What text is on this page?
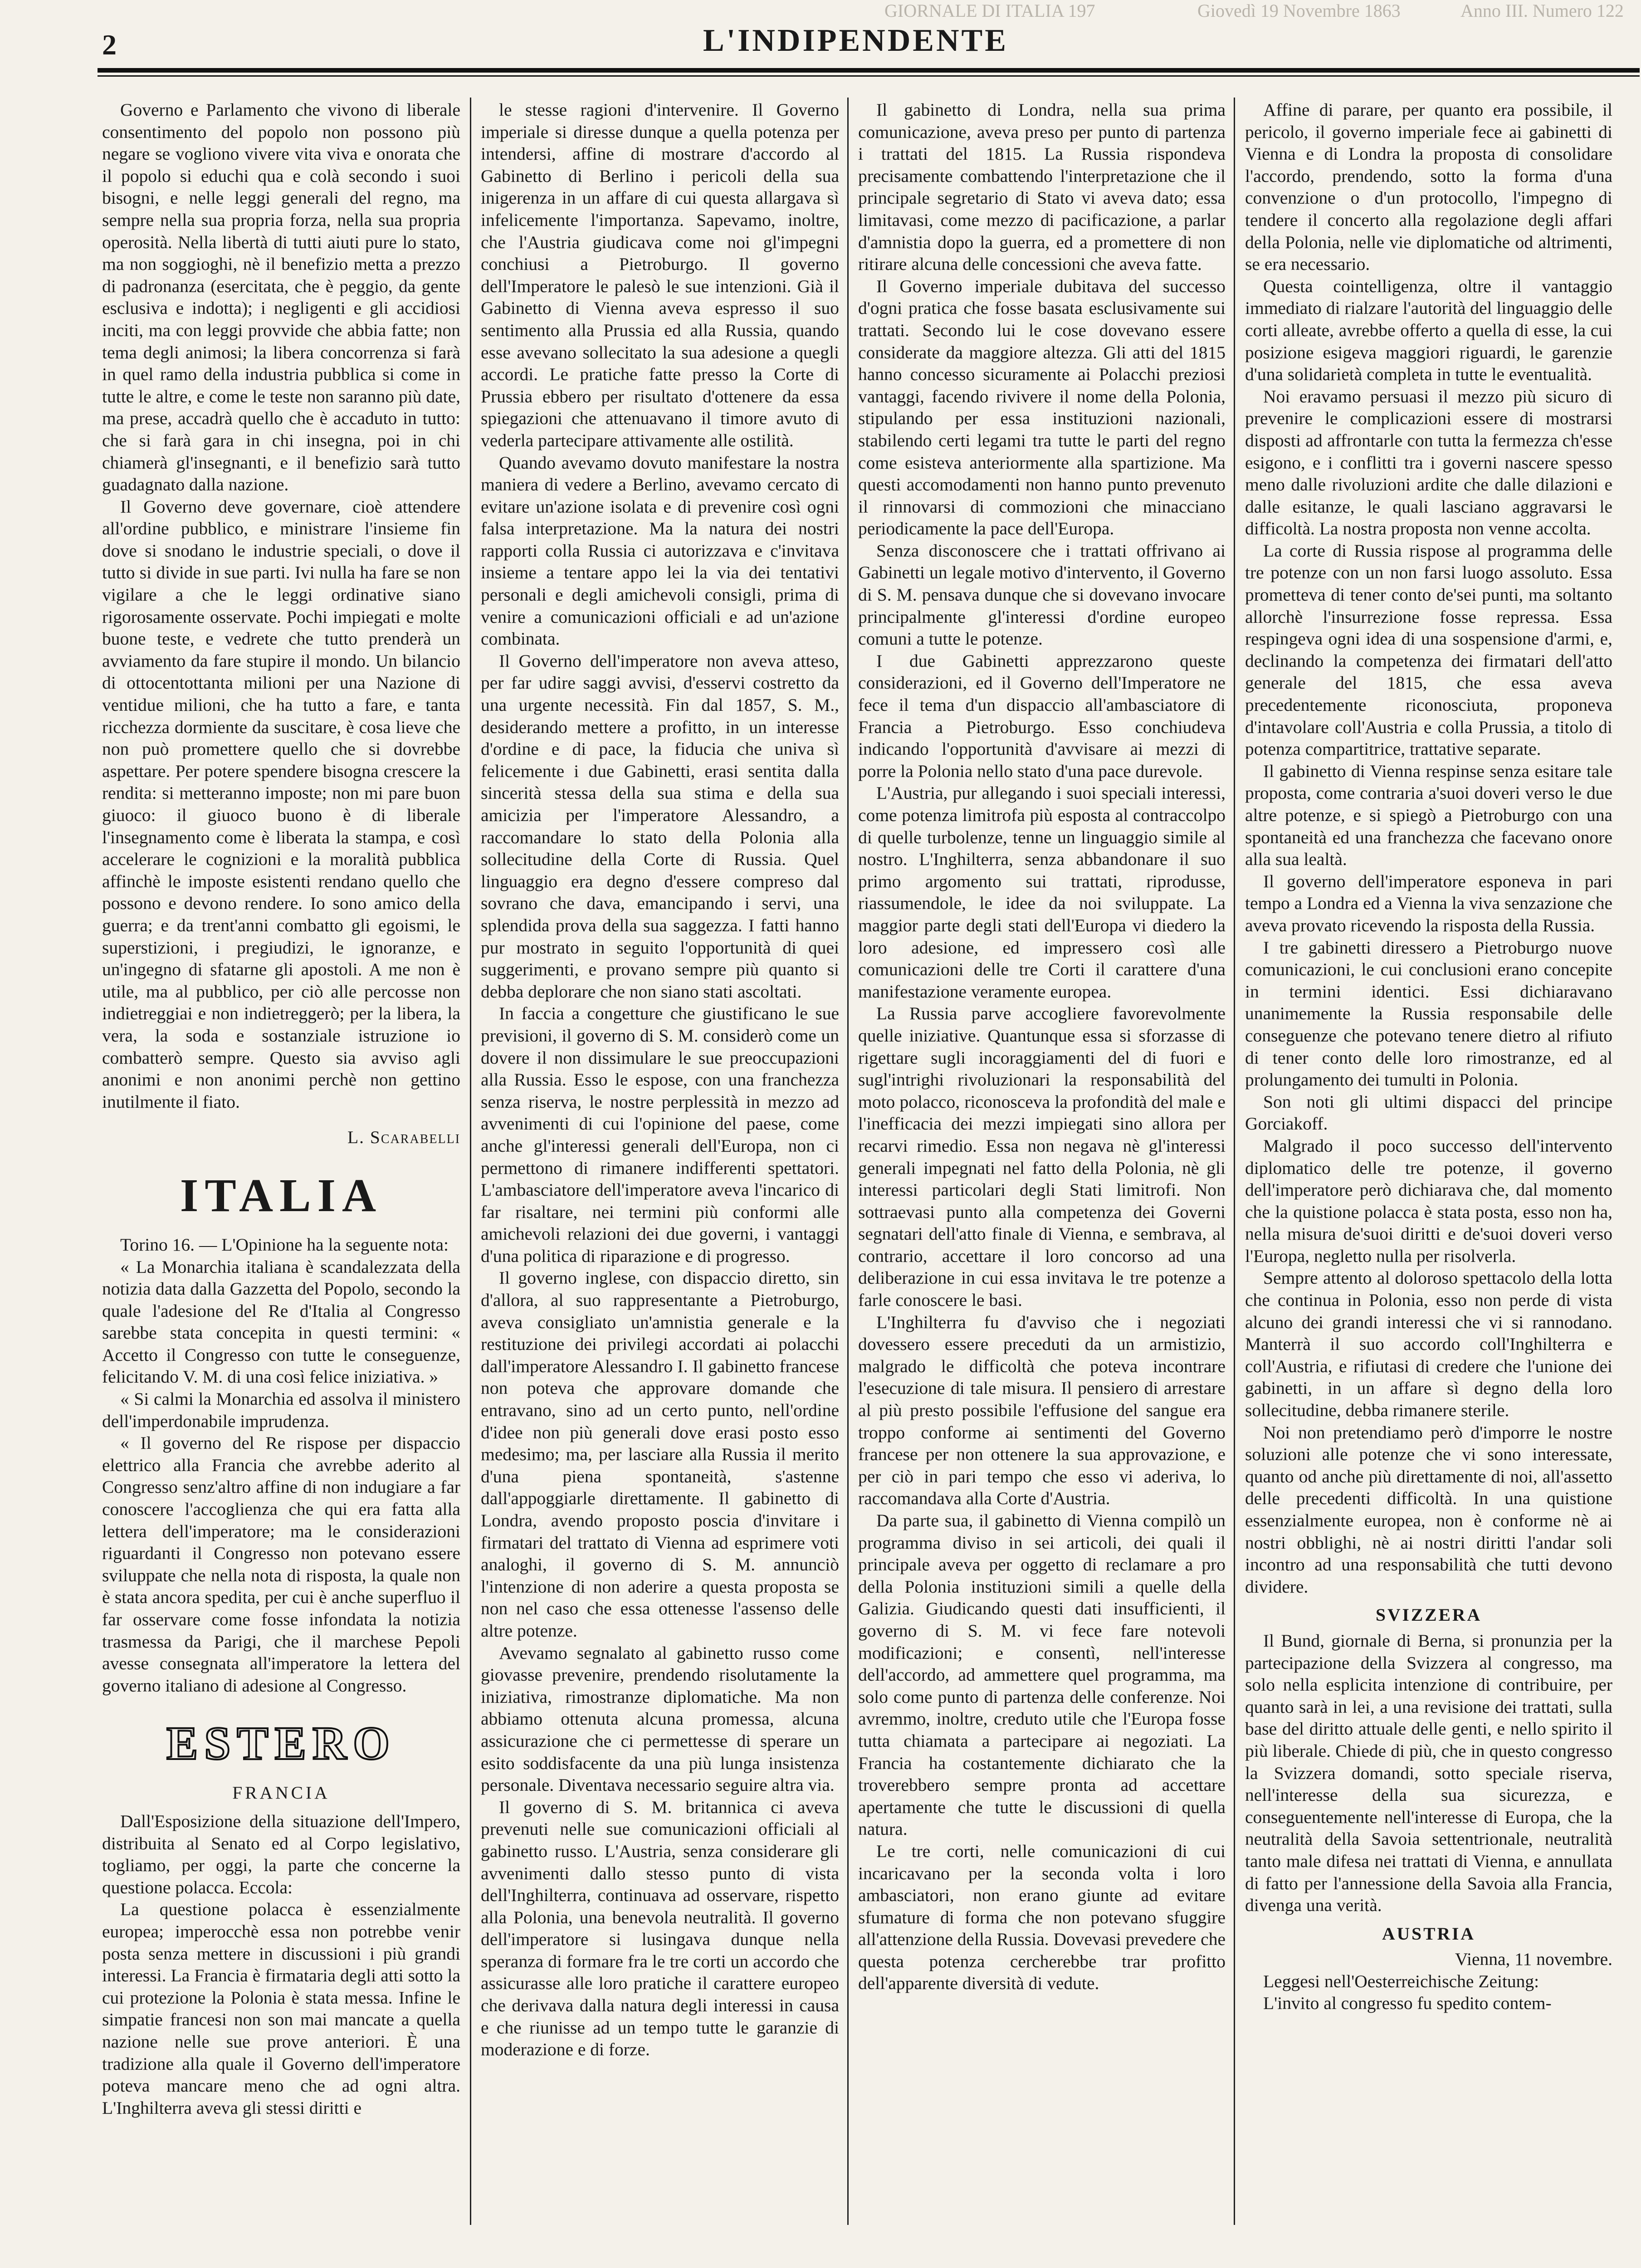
GIORNALE DI ITALIA 197	Giovedì 19 Novembre 1863	Anno III. Numero 122
2	L'INDIPENDENTE

Governo e Parlamento che vivono di liberale consentimento del popolo non possono più negare se vogliono vivere vita viva e onorata che il popolo si educhi qua e colà secondo i suoi bisogni, e nelle leggi generali del regno, ma sempre nella sua propria forza, nella sua propria operosità. Nella libertà di tutti aiuti pure lo stato, ma non soggioghi, nè il benefizio metta a prezzo di padronanza (esercitata, che è peggio, da gente esclusiva e indotta); i negligenti e gli accidiosi inciti, ma con leggi provvide che abbia fatte; non tema degli animosi; la libera concorrenza si farà in quel ramo della industria pubblica si come in tutte le altre, e come le teste non saranno più date, ma prese, accadrà quello che è accaduto in tutto: che si farà gara in chi insegna, poi in chi chiamerà gl'insegnanti, e il benefizio sarà tutto guadagnato dalla nazione.

Il Governo deve governare, cioè attendere all'ordine pubblico, e ministrare l'insieme fin dove si snodano le industrie speciali, o dove il tutto si divide in sue parti. Ivi nulla ha fare se non vigilare a che le leggi ordinative siano rigorosamente osservate. Pochi impiegati e molte buone teste, e vedrete che tutto prenderà un avviamento da fare stupire il mondo. Un bilancio di ottocentottanta milioni per una Nazione di ventidue milioni, che ha tutto a fare, e tanta ricchezza dormiente da suscitare, è cosa lieve che non può promettere quello che si dovrebbe aspettare. Per potere spendere bisogna crescere la rendita: si metteranno imposte; non mi pare buon giuoco: il giuoco buono è di liberale l'insegnamento come è liberata la stampa, e così accelerare le cognizioni e la moralità pubblica affinchè le imposte esistenti rendano quello che possono e devono rendere. Io sono amico della guerra; e da trent'anni combatto gli egoismi, le superstizioni, i pregiudizi, le ignoranze, e un'ingegno di sfatarne gli apostoli. A me non è utile, ma al pubblico, per ciò alle percosse non indietreggiai e non indietreggerò; per la libera, la vera, la soda e sostanziale istruzione io combatterò sempre. Questo sia avviso agli anonimi e non anonimi perchè non gettino inutilmente il fiato.

L. Scarabelli
ITALIA

Torino 16. — L'Opinione ha la seguente nota:

« La Monarchia italiana è scandalezzata della notizia data dalla Gazzetta del Popolo, secondo la quale l'adesione del Re d'Italia al Congresso sarebbe stata concepita in questi termini: « Accetto il Congresso con tutte le conseguenze, felicitando V. M. di una così felice iniziativa. »

« Si calmi la Monarchia ed assolva il ministero dell'imperdonabile imprudenza.

« Il governo del Re rispose per dispaccio elettrico alla Francia che avrebbe aderito al Congresso senz'altro affine di non indugiare a far conoscere l'accoglienza che qui era fatta alla lettera dell'imperatore; ma le considerazioni riguardanti il Congresso non potevano essere sviluppate che nella nota di risposta, la quale non è stata ancora spedita, per cui è anche superfluo il far osservare come fosse infondata la notizia trasmessa da Parigi, che il marchese Pepoli avesse consegnata all'imperatore la lettera del governo italiano di adesione al Congresso.

ESTERO
FRANCIA

Dall'Esposizione della situazione dell'Impero, distribuita al Senato ed al Corpo legislativo, togliamo, per oggi, la parte che concerne la questione polacca. Eccola:

La questione polacca è essenzialmente europea; imperocchè essa non potrebbe venir posta senza mettere in discussioni i più grandi interessi. La Francia è firmataria degli atti sotto la cui protezione la Polonia è stata messa. Infine le simpatie francesi non son mai mancate a quella nazione nelle sue prove anteriori. È una tradizione alla quale il Governo dell'imperatore poteva mancare meno che ad ogni altra. L'Inghilterra aveva gli stessi diritti e

le stesse ragioni d'intervenire. Il Governo imperiale si diresse dunque a quella potenza per intendersi, affine di mostrare d'accordo al Gabinetto di Berlino i pericoli della sua inigerenza in un affare di cui questa allargava sì infelicemente l'importanza. Sapevamo, inoltre, che l'Austria giudicava come noi gl'impegni conchiusi a Pietroburgo. Il governo dell'Imperatore le palesò le sue intenzioni. Già il Gabinetto di Vienna aveva espresso il suo sentimento alla Prussia ed alla Russia, quando esse avevano sollecitato la sua adesione a quegli accordi. Le pratiche fatte presso la Corte di Prussia ebbero per risultato d'ottenere da essa spiegazioni che attenuavano il timore avuto di vederla partecipare attivamente alle ostilità.

Quando avevamo dovuto manifestare la nostra maniera di vedere a Berlino, avevamo cercato di evitare un'azione isolata e di prevenire così ogni falsa interpretazione. Ma la natura dei nostri rapporti colla Russia ci autorizzava e c'invitava insieme a tentare appo lei la via dei tentativi personali e degli amichevoli consigli, prima di venire a comunicazioni officiali e ad un'azione combinata.

Il Governo dell'imperatore non aveva atteso, per far udire saggi avvisi, d'esservi costretto da una urgente necessità. Fin dal 1857, S. M., desiderando mettere a profitto, in un interesse d'ordine e di pace, la fiducia che univa sì felicemente i due Gabinetti, erasi sentita dalla sincerità stessa della sua stima e della sua amicizia per l'imperatore Alessandro, a raccomandare lo stato della Polonia alla sollecitudine della Corte di Russia. Quel linguaggio era degno d'essere compreso dal sovrano che dava, emancipando i servi, una splendida prova della sua saggezza. I fatti hanno pur mostrato in seguito l'opportunità di quei suggerimenti, e provano sempre più quanto si debba deplorare che non siano stati ascoltati.

In faccia a congetture che giustificano le sue previsioni, il governo di S. M. considerò come un dovere il non dissimulare le sue preoccupazioni alla Russia. Esso le espose, con una franchezza senza riserva, le nostre perplessità in mezzo ad avvenimenti di cui l'opinione del paese, come anche gl'interessi generali dell'Europa, non ci permettono di rimanere indifferenti spettatori. L'ambasciatore dell'imperatore aveva l'incarico di far risaltare, nei termini più conformi alle amichevoli relazioni dei due governi, i vantaggi d'una politica di riparazione e di progresso.

Il governo inglese, con dispaccio diretto, sin d'allora, al suo rappresentante a Pietroburgo, aveva consigliato un'amnistia generale e la restituzione dei privilegi accordati ai polacchi dall'imperatore Alessandro I. Il gabinetto francese non poteva che approvare domande che entravano, sino ad un certo punto, nell'ordine d'idee non più generali dove erasi posto esso medesimo; ma, per lasciare alla Russia il merito d'una piena spontaneità, s'astenne dall'appoggiarle direttamente. Il gabinetto di Londra, avendo proposto poscia d'invitare i firmatari del trattato di Vienna ad esprimere voti analoghi, il governo di S. M. annunciò l'intenzione di non aderire a questa proposta se non nel caso che essa ottenesse l'assenso delle altre potenze.

Avevamo segnalato al gabinetto russo come giovasse prevenire, prendendo risolutamente la iniziativa, rimostranze diplomatiche. Ma non abbiamo ottenuta alcuna promessa, alcuna assicurazione che ci permettesse di sperare un esito soddisfacente da una più lunga insistenza personale. Diventava necessario seguire altra via.

Il governo di S. M. britannica ci aveva prevenuti nelle sue comunicazioni officiali al gabinetto russo. L'Austria, senza considerare gli avvenimenti dallo stesso punto di vista dell'Inghilterra, continuava ad osservare, rispetto alla Polonia, una benevola neutralità. Il governo dell'imperatore si lusingava dunque nella speranza di formare fra le tre corti un accordo che assicurasse alle loro pratiche il carattere europeo che derivava dalla natura degli interessi in causa e che riunisse ad un tempo tutte le garanzie di moderazione e di forze.

Il gabinetto di Londra, nella sua prima comunicazione, aveva preso per punto di partenza i trattati del 1815. La Russia rispondeva precisamente combattendo l'interpretazione che il principale segretario di Stato vi aveva dato; essa limitavasi, come mezzo di pacificazione, a parlar d'amnistia dopo la guerra, ed a promettere di non ritirare alcuna delle concessioni che aveva fatte.

Il Governo imperiale dubitava del successo d'ogni pratica che fosse basata esclusivamente sui trattati. Secondo lui le cose dovevano essere considerate da maggiore altezza. Gli atti del 1815 hanno concesso sicuramente ai Polacchi preziosi vantaggi, facendo rivivere il nome della Polonia, stipulando per essa instituzioni nazionali, stabilendo certi legami tra tutte le parti del regno come esisteva anteriormente alla spartizione. Ma questi accomodamenti non hanno punto prevenuto il rinnovarsi di commozioni che minacciano periodicamente la pace dell'Europa.

Senza disconoscere che i trattati offrivano ai Gabinetti un legale motivo d'intervento, il Governo di S. M. pensava dunque che si dovevano invocare principalmente gl'interessi d'ordine europeo comuni a tutte le potenze.

I due Gabinetti apprezzarono queste considerazioni, ed il Governo dell'Imperatore ne fece il tema d'un dispaccio all'ambasciatore di Francia a Pietroburgo. Esso conchiudeva indicando l'opportunità d'avvisare ai mezzi di porre la Polonia nello stato d'una pace durevole.

L'Austria, pur allegando i suoi speciali interessi, come potenza limitrofa più esposta al contraccolpo di quelle turbolenze, tenne un linguaggio simile al nostro. L'Inghilterra, senza abbandonare il suo primo argomento sui trattati, riprodusse, riassumendole, le idee da noi sviluppate. La maggior parte degli stati dell'Europa vi diedero la loro adesione, ed impressero così alle comunicazioni delle tre Corti il carattere d'una manifestazione veramente europea.

La Russia parve accogliere favorevolmente quelle iniziative. Quantunque essa si sforzasse di rigettare sugli incoraggiamenti del di fuori e sugl'intrighi rivoluzionari la responsabilità del moto polacco, riconosceva la profondità del male e l'inefficacia dei mezzi impiegati sino allora per recarvi rimedio. Essa non negava nè gl'interessi generali impegnati nel fatto della Polonia, nè gli interessi particolari degli Stati limitrofi. Non sottraevasi punto alla competenza dei Governi segnatari dell'atto finale di Vienna, e sembrava, al contrario, accettare il loro concorso ad una deliberazione in cui essa invitava le tre potenze a farle conoscere le basi.

L'Inghilterra fu d'avviso che i negoziati dovessero essere preceduti da un armistizio, malgrado le difficoltà che poteva incontrare l'esecuzione di tale misura. Il pensiero di arrestare al più presto possibile l'effusione del sangue era troppo conforme ai sentimenti del Governo francese per non ottenere la sua approvazione, e per ciò in pari tempo che esso vi aderiva, lo raccomandava alla Corte d'Austria.

Da parte sua, il gabinetto di Vienna compilò un programma diviso in sei articoli, dei quali il principale aveva per oggetto di reclamare a pro della Polonia instituzioni simili a quelle della Galizia. Giudicando questi dati insufficienti, il governo di S. M. vi fece fare notevoli modificazioni; e consentì, nell'interesse dell'accordo, ad ammettere quel programma, ma solo come punto di partenza delle conferenze. Noi avremmo, inoltre, creduto utile che l'Europa fosse tutta chiamata a partecipare ai negoziati. La Francia ha costantemente dichiarato che la troverebbero sempre pronta ad accettare apertamente che tutte le discussioni di quella natura.

Le tre corti, nelle comunicazioni di cui incaricavano per la seconda volta i loro ambasciatori, non erano giunte ad evitare sfumature di forma che non potevano sfuggire all'attenzione della Russia. Dovevasi prevedere che questa potenza cercherebbe trar profitto dell'apparente diversità di vedute.

Affine di parare, per quanto era possibile, il pericolo, il governo imperiale fece ai gabinetti di Vienna e di Londra la proposta di consolidare l'accordo, prendendo, sotto la forma d'una convenzione o d'un protocollo, l'impegno di tendere il concerto alla regolazione degli affari della Polonia, nelle vie diplomatiche od altrimenti, se era necessario.

Questa cointelligenza, oltre il vantaggio immediato di rialzare l'autorità del linguaggio delle corti alleate, avrebbe offerto a quella di esse, la cui posizione esigeva maggiori riguardi, le garenzie d'una solidarietà completa in tutte le eventualità.

Noi eravamo persuasi il mezzo più sicuro di prevenire le complicazioni essere di mostrarsi disposti ad affrontarle con tutta la fermezza ch'esse esigono, e i conflitti tra i governi nascere spesso meno dalle rivoluzioni ardite che dalle dilazioni e dalle esitanze, le quali lasciano aggravarsi le difficoltà. La nostra proposta non venne accolta.

La corte di Russia rispose al programma delle tre potenze con un non farsi luogo assoluto. Essa prometteva di tener conto de'sei punti, ma soltanto allorchè l'insurrezione fosse repressa. Essa respingeva ogni idea di una sospensione d'armi, e, declinando la competenza dei firmatari dell'atto generale del 1815, che essa aveva precedentemente riconosciuta, proponeva d'intavolare coll'Austria e colla Prussia, a titolo di potenza compartitrice, trattative separate.

Il gabinetto di Vienna respinse senza esitare tale proposta, come contraria a'suoi doveri verso le due altre potenze, e si spiegò a Pietroburgo con una spontaneità ed una franchezza che facevano onore alla sua lealtà.

Il governo dell'imperatore esponeva in pari tempo a Londra ed a Vienna la viva senzazione che aveva provato ricevendo la risposta della Russia.

I tre gabinetti diressero a Pietroburgo nuove comunicazioni, le cui conclusioni erano concepite in termini identici. Essi dichiaravano unanimemente la Russia responsabile delle conseguenze che potevano tenere dietro al rifiuto di tener conto delle loro rimostranze, ed al prolungamento dei tumulti in Polonia.

Son noti gli ultimi dispacci del principe Gorciakoff.

Malgrado il poco successo dell'intervento diplomatico delle tre potenze, il governo dell'imperatore però dichiarava che, dal momento che la quistione polacca è stata posta, esso non ha, nella misura de'suoi diritti e de'suoi doveri verso l'Europa, negletto nulla per risolverla.

Sempre attento al doloroso spettacolo della lotta che continua in Polonia, esso non perde di vista alcuno dei grandi interessi che vi si rannodano. Manterrà il suo accordo coll'Inghilterra e coll'Austria, e rifiutasi di credere che l'unione dei gabinetti, in un affare sì degno della loro sollecitudine, debba rimanere sterile.

Noi non pretendiamo però d'imporre le nostre soluzioni alle potenze che vi sono interessate, quanto od anche più direttamente di noi, all'assetto delle precedenti difficoltà. In una quistione essenzialmente europea, non è conforme nè ai nostri obblighi, nè ai nostri diritti l'andar soli incontro ad una responsabilità che tutti devono dividere.

SVIZZERA

Il Bund, giornale di Berna, si pronunzia per la partecipazione della Svizzera al congresso, ma solo nella esplicita intenzione di contribuire, per quanto sarà in lei, a una revisione dei trattati, sulla base del diritto attuale delle genti, e nello spirito il più liberale. Chiede di più, che in questo congresso la Svizzera domandi, sotto speciale riserva, nell'interesse della sua sicurezza, e conseguentemente nell'interesse di Europa, che la neutralità della Savoia settentrionale, neutralità tanto male difesa nei trattati di Vienna, e annullata di fatto per l'annessione della Savoia alla Francia, divenga una verità.

AUSTRIA

Vienna, 11 novembre.

Leggesi nell'Oesterreichische Zeitung:

L'invito al congresso fu spedito contem-
